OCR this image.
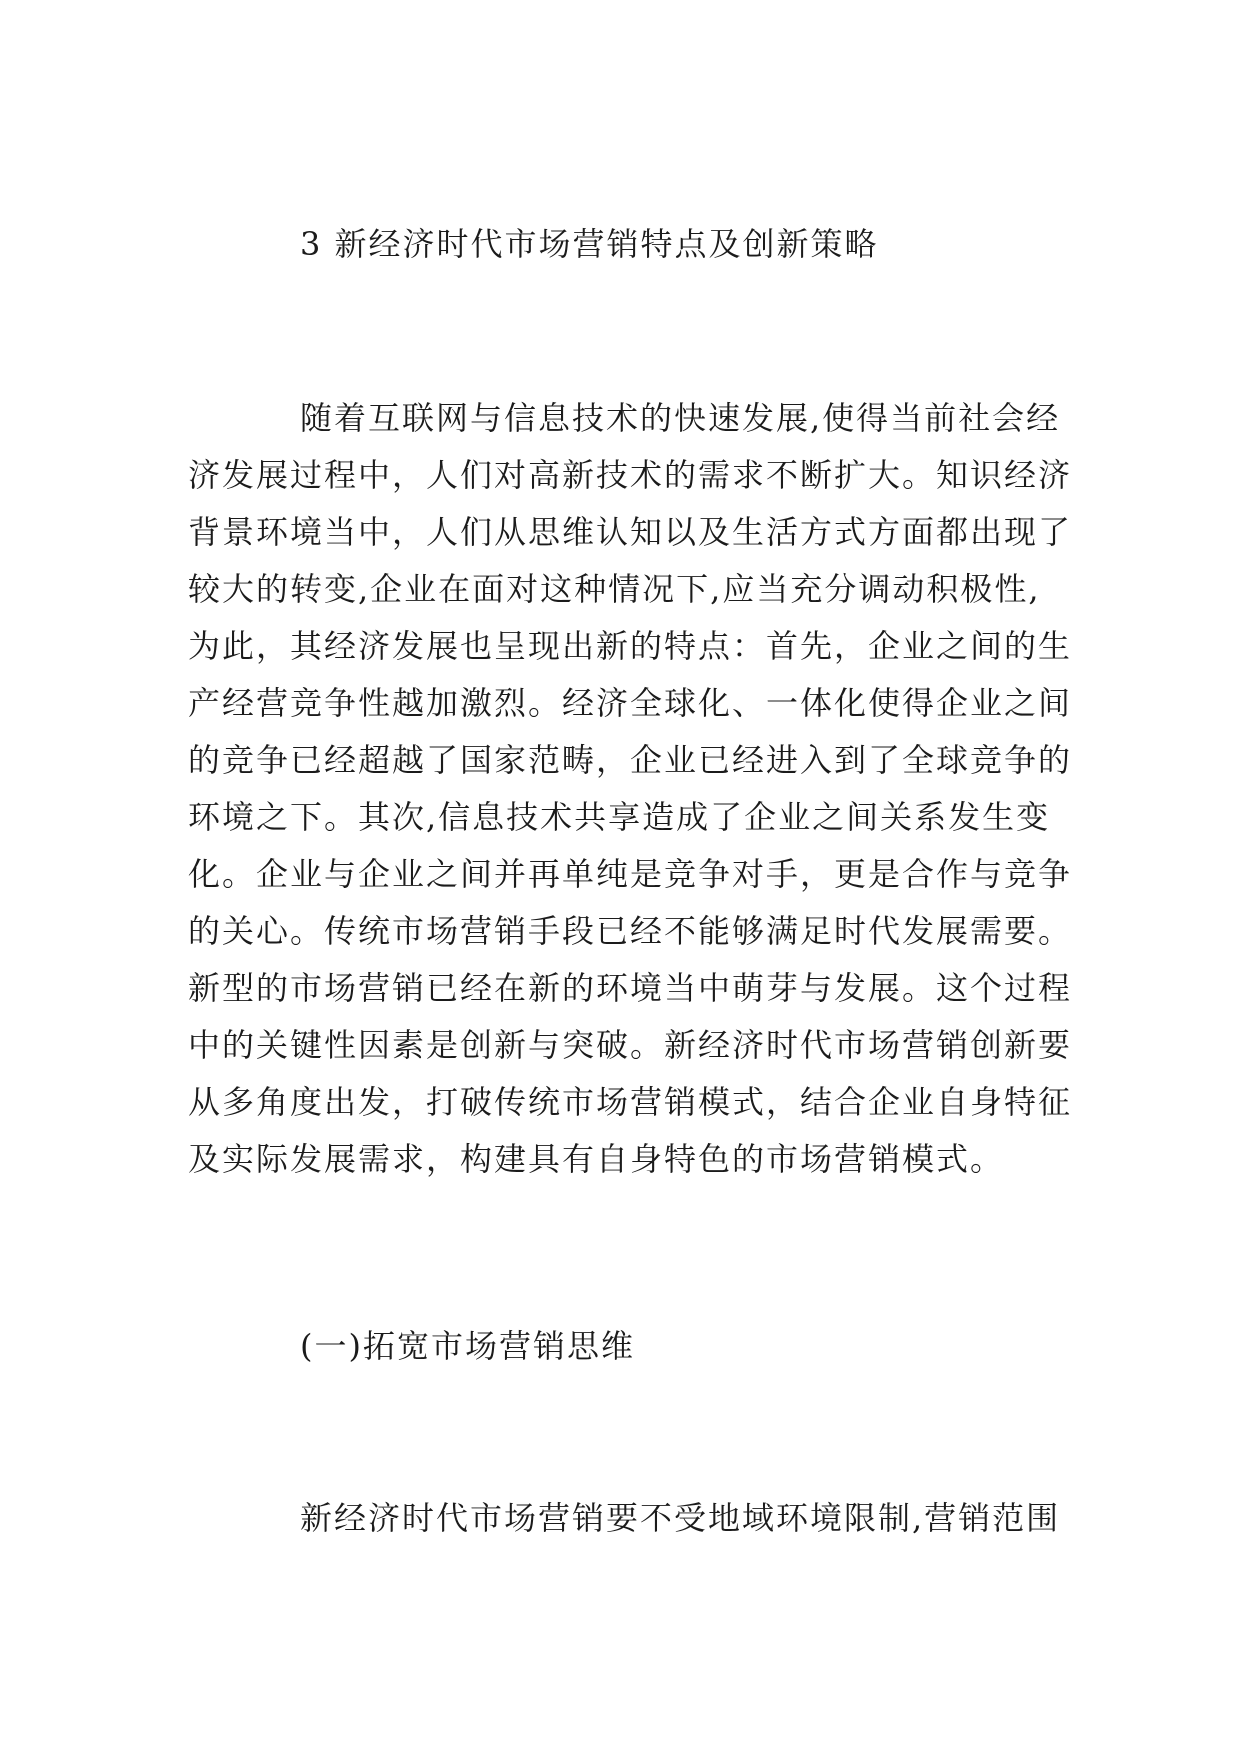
3 新经济时代市场营销特点及创新策略

随着互联网与信息技术的快速发展,使得当前社会经

济发展过程中，人们对高新技术的需求不断扩大。知识经济

背景环境当中，人们从思维认知以及生活方式方面都出现了

较大的转变,企业在面对这种情况下,应当充分调动积极性,

为此，其经济发展也呈现出新的特点：首先，企业之间的生

产经营竞争性越加激烈。经济全球化、一体化使得企业之间

的竞争已经超越了国家范畴，企业已经进入到了全球竞争的

环境之下。其次,信息技术共享造成了企业之间关系发生变

化。企业与企业之间并再单纯是竞争对手，更是合作与竞争

的关心。传统市场营销手段已经不能够满足时代发展需要。

新型的市场营销已经在新的环境当中萌芽与发展。这个过程

中的关键性因素是创新与突破。新经济时代市场营销创新要

从多角度出发，打破传统市场营销模式，结合企业自身特征

及实际发展需求，构建具有自身特色的市场营销模式。

(一)拓宽市场营销思维

新经济时代市场营销要不受地域环境限制,营销范围
